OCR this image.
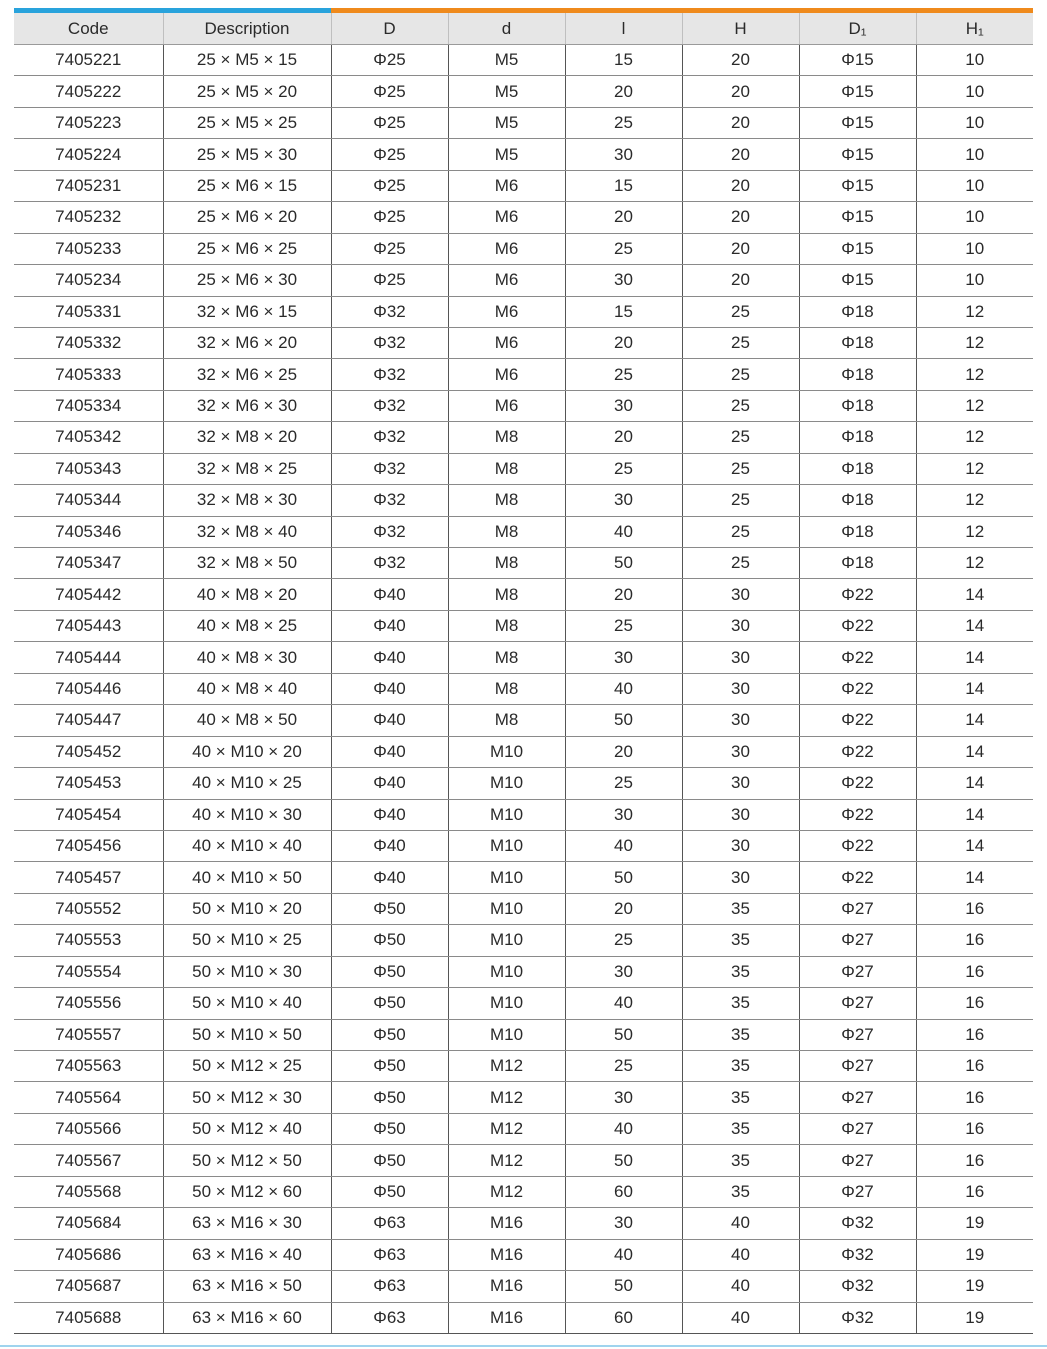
Code	Description	D	d	l	H	D₁	H₁
7405221	25 × M5 × 15	Φ25	M5	15	20	Φ15	10
7405222	25 × M5 × 20	Φ25	M5	20	20	Φ15	10
7405223	25 × M5 × 25	Φ25	M5	25	20	Φ15	10
7405224	25 × M5 × 30	Φ25	M5	30	20	Φ15	10
7405231	25 × M6 × 15	Φ25	M6	15	20	Φ15	10
7405232	25 × M6 × 20	Φ25	M6	20	20	Φ15	10
7405233	25 × M6 × 25	Φ25	M6	25	20	Φ15	10
7405234	25 × M6 × 30	Φ25	M6	30	20	Φ15	10
7405331	32 × M6 × 15	Φ32	M6	15	25	Φ18	12
7405332	32 × M6 × 20	Φ32	M6	20	25	Φ18	12
7405333	32 × M6 × 25	Φ32	M6	25	25	Φ18	12
7405334	32 × M6 × 30	Φ32	M6	30	25	Φ18	12
7405342	32 × M8 × 20	Φ32	M8	20	25	Φ18	12
7405343	32 × M8 × 25	Φ32	M8	25	25	Φ18	12
7405344	32 × M8 × 30	Φ32	M8	30	25	Φ18	12
7405346	32 × M8 × 40	Φ32	M8	40	25	Φ18	12
7405347	32 × M8 × 50	Φ32	M8	50	25	Φ18	12
7405442	40 × M8 × 20	Φ40	M8	20	30	Φ22	14
7405443	40 × M8 × 25	Φ40	M8	25	30	Φ22	14
7405444	40 × M8 × 30	Φ40	M8	30	30	Φ22	14
7405446	40 × M8 × 40	Φ40	M8	40	30	Φ22	14
7405447	40 × M8 × 50	Φ40	M8	50	30	Φ22	14
7405452	40 × M10 × 20	Φ40	M10	20	30	Φ22	14
7405453	40 × M10 × 25	Φ40	M10	25	30	Φ22	14
7405454	40 × M10 × 30	Φ40	M10	30	30	Φ22	14
7405456	40 × M10 × 40	Φ40	M10	40	30	Φ22	14
7405457	40 × M10 × 50	Φ40	M10	50	30	Φ22	14
7405552	50 × M10 × 20	Φ50	M10	20	35	Φ27	16
7405553	50 × M10 × 25	Φ50	M10	25	35	Φ27	16
7405554	50 × M10 × 30	Φ50	M10	30	35	Φ27	16
7405556	50 × M10 × 40	Φ50	M10	40	35	Φ27	16
7405557	50 × M10 × 50	Φ50	M10	50	35	Φ27	16
7405563	50 × M12 × 25	Φ50	M12	25	35	Φ27	16
7405564	50 × M12 × 30	Φ50	M12	30	35	Φ27	16
7405566	50 × M12 × 40	Φ50	M12	40	35	Φ27	16
7405567	50 × M12 × 50	Φ50	M12	50	35	Φ27	16
7405568	50 × M12 × 60	Φ50	M12	60	35	Φ27	16
7405684	63 × M16 × 30	Φ63	M16	30	40	Φ32	19
7405686	63 × M16 × 40	Φ63	M16	40	40	Φ32	19
7405687	63 × M16 × 50	Φ63	M16	50	40	Φ32	19
7405688	63 × M16 × 60	Φ63	M16	60	40	Φ32	19
